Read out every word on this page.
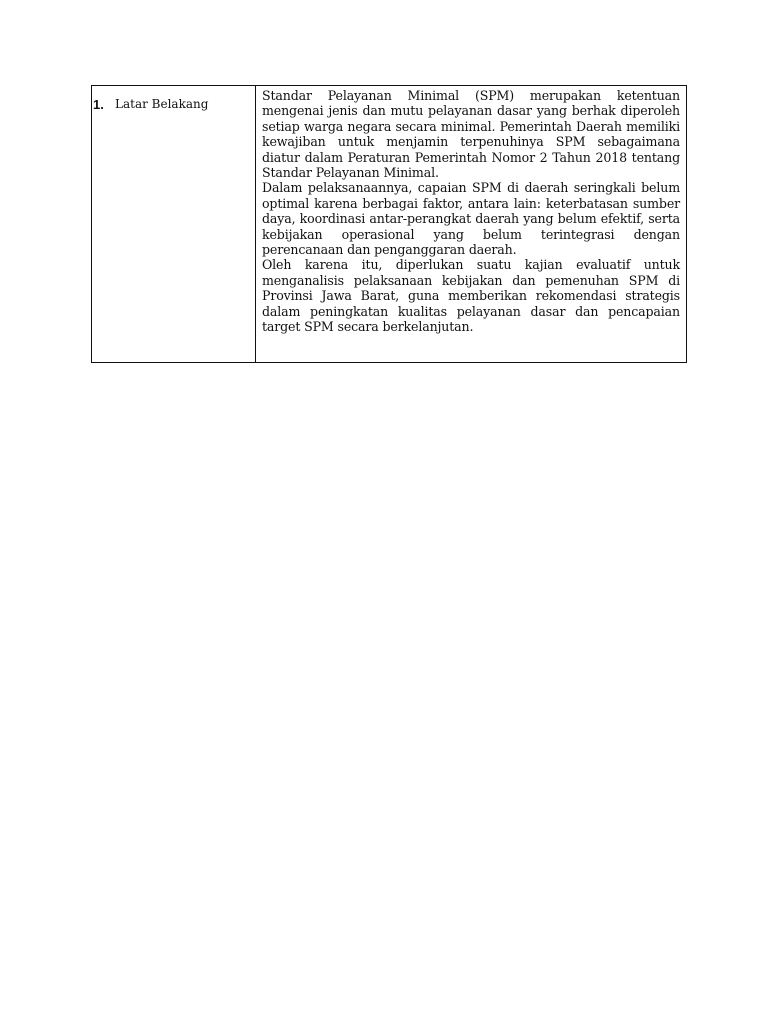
1. Latar Belakang

Standar Pelayanan Minimal (SPM) merupakan ketentuan mengenai jenis dan mutu pelayanan dasar yang berhak diperoleh setiap warga negara secara minimal. Pemerintah Daerah memiliki kewajiban untuk menjamin terpenuhinya SPM sebagaimana diatur dalam Peraturan Pemerintah Nomor 2 Tahun 2018 tentang Standar Pelayanan Minimal.

Dalam pelaksanaannya, capaian SPM di daerah seringkali belum optimal karena berbagai faktor, antara lain: keterbatasan sumber daya, koordinasi antar-perangkat daerah yang belum efektif, serta kebijakan operasional yang belum terintegrasi dengan perencanaan dan penganggaran daerah.

Oleh karena itu, diperlukan suatu kajian evaluatif untuk menganalisis pelaksanaan kebijakan dan pemenuhan SPM di Provinsi Jawa Barat, guna memberikan rekomendasi strategis dalam peningkatan kualitas pelayanan dasar dan pencapaian target SPM secara berkelanjutan.
